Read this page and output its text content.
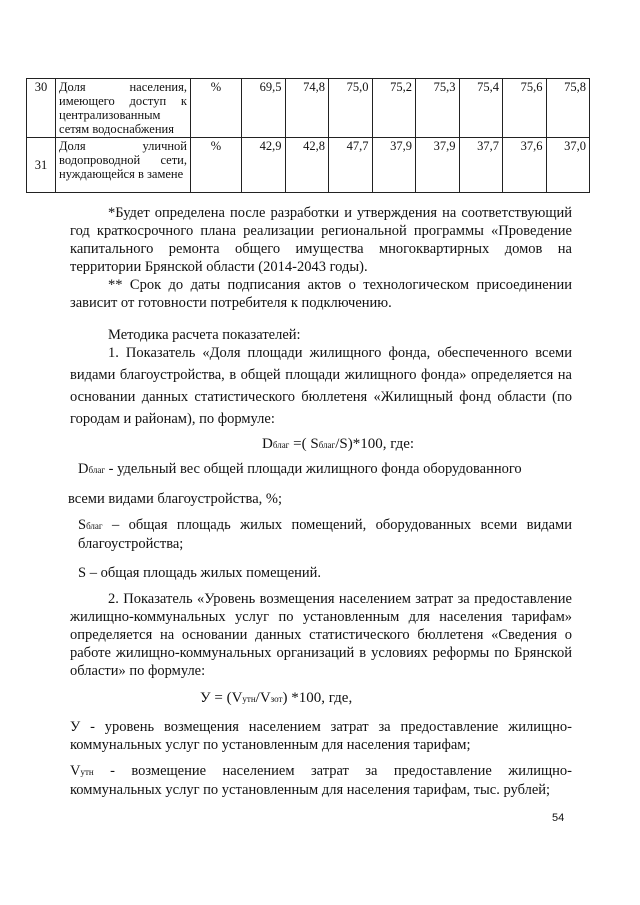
30	Доля населения, имеющего доступ к централизованным сетям водоснабжения	%	69,5	74,8	75,0	75,2	75,3	75,4	75,6	75,8
31	Доля уличной водопроводной сети, нуждающейся в замене	%	42,9	42,8	47,7	37,9	37,9	37,7	37,6	37,0
*Будет определена после разработки и утверждения на соответствующий год краткосрочного плана реализации региональной программы «Проведение капитального ремонта общего имущества многоквартирных домов на территории Брянской области (2014-2043 годы).
** Срок до даты подписания актов о технологическом присоединении зависит от готовности потребителя к подключению.
Методика расчета показателей:
1. Показатель «Доля площади жилищного фонда, обеспеченного всеми видами благоустройства, в общей площади жилищного фонда» определяется на основании данных статистического бюллетеня «Жилищный фонд области (по городам и районам), по формуле:
Dблаг =( Sблаг/S)*100, где:
Dблаг - удельный вес общей площади жилищного фонда оборудованного
всеми видами благоустройства, %;
Sблаг – общая площадь жилых помещений, оборудованных всеми видами благоустройства;
S – общая площадь жилых помещений.
2. Показатель «Уровень возмещения населением затрат за предоставление жилищно-коммунальных услуг по установленным для населения тарифам» определяется на основании данных статистического бюллетеня «Сведения о работе жилищно-коммунальных организаций в условиях реформы по Брянской области» по формуле:
У = (Vутн/Vзот) *100, где,
У - уровень возмещения населением затрат за предоставление жилищно-коммунальных услуг по установленным для населения тарифам;
Vутн - возмещение населением затрат за предоставление жилищно-коммунальных услуг по установленным для населения тарифам, тыс. рублей;
54
